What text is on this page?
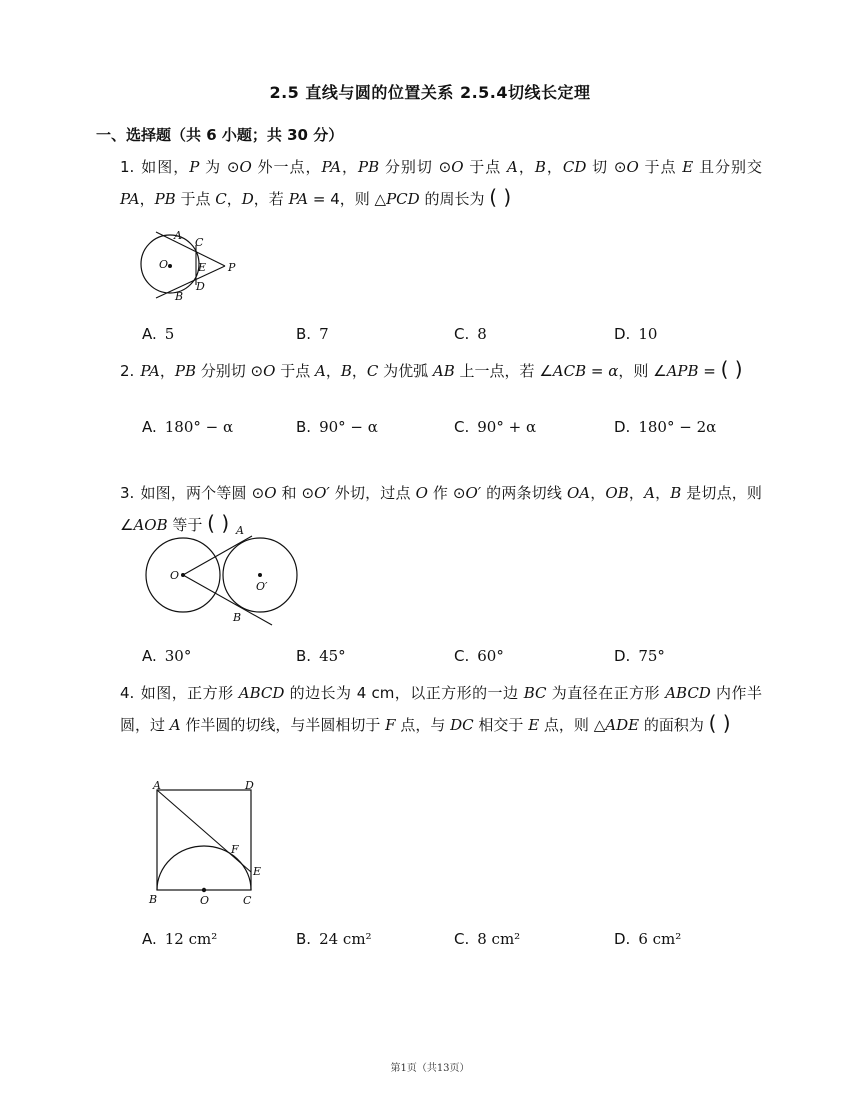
2.5 直线与圆的位置关系 2.5.4切线长定理
一、选择题（共 6 小题；共 30 分）
1. 如图，P 为 ⊙O 外一点，PA，PB 分别切 ⊙O 于点 A，B，CD 切 ⊙O 于点 E 且分别交 PA，PB 于点 C，D，若 PA = 4，则 △PCD 的周长为 ( )
A
C
O	E P
B
D
A. 5	B. 7	C. 8	D. 10
2. PA，PB 分别切 ⊙O 于点 A，B，C 为优弧 AB 上一点，若 ∠ACB = α，则 ∠APB = ( )
A. 180° − α	B. 90° − α	C. 90° + α	D. 180° − 2α
3. 如图，两个等圆 ⊙O 和 ⊙O′ 外切，过点 O 作 ⊙O′ 的两条切线 OA，OB，A，B 是切点，则 ∠AOB 等于 ( ) A
O
O′
B
A. 30°	B. 45°	C. 60°	D. 75°
4. 如图，正方形 ABCD 的边长为 4 cm，以正方形的一边 BC 为直径在正方形 ABCD 内作半圆，过 A 作半圆的切线，与半圆相切于 F 点，与 DC 相交于 E 点，则 △ADE 的面积为 ( )
A	D
F
E
B	O	C
A. 12 cm²	B. 24 cm²	C. 8 cm²	D. 6 cm²
第1页（共13页）
